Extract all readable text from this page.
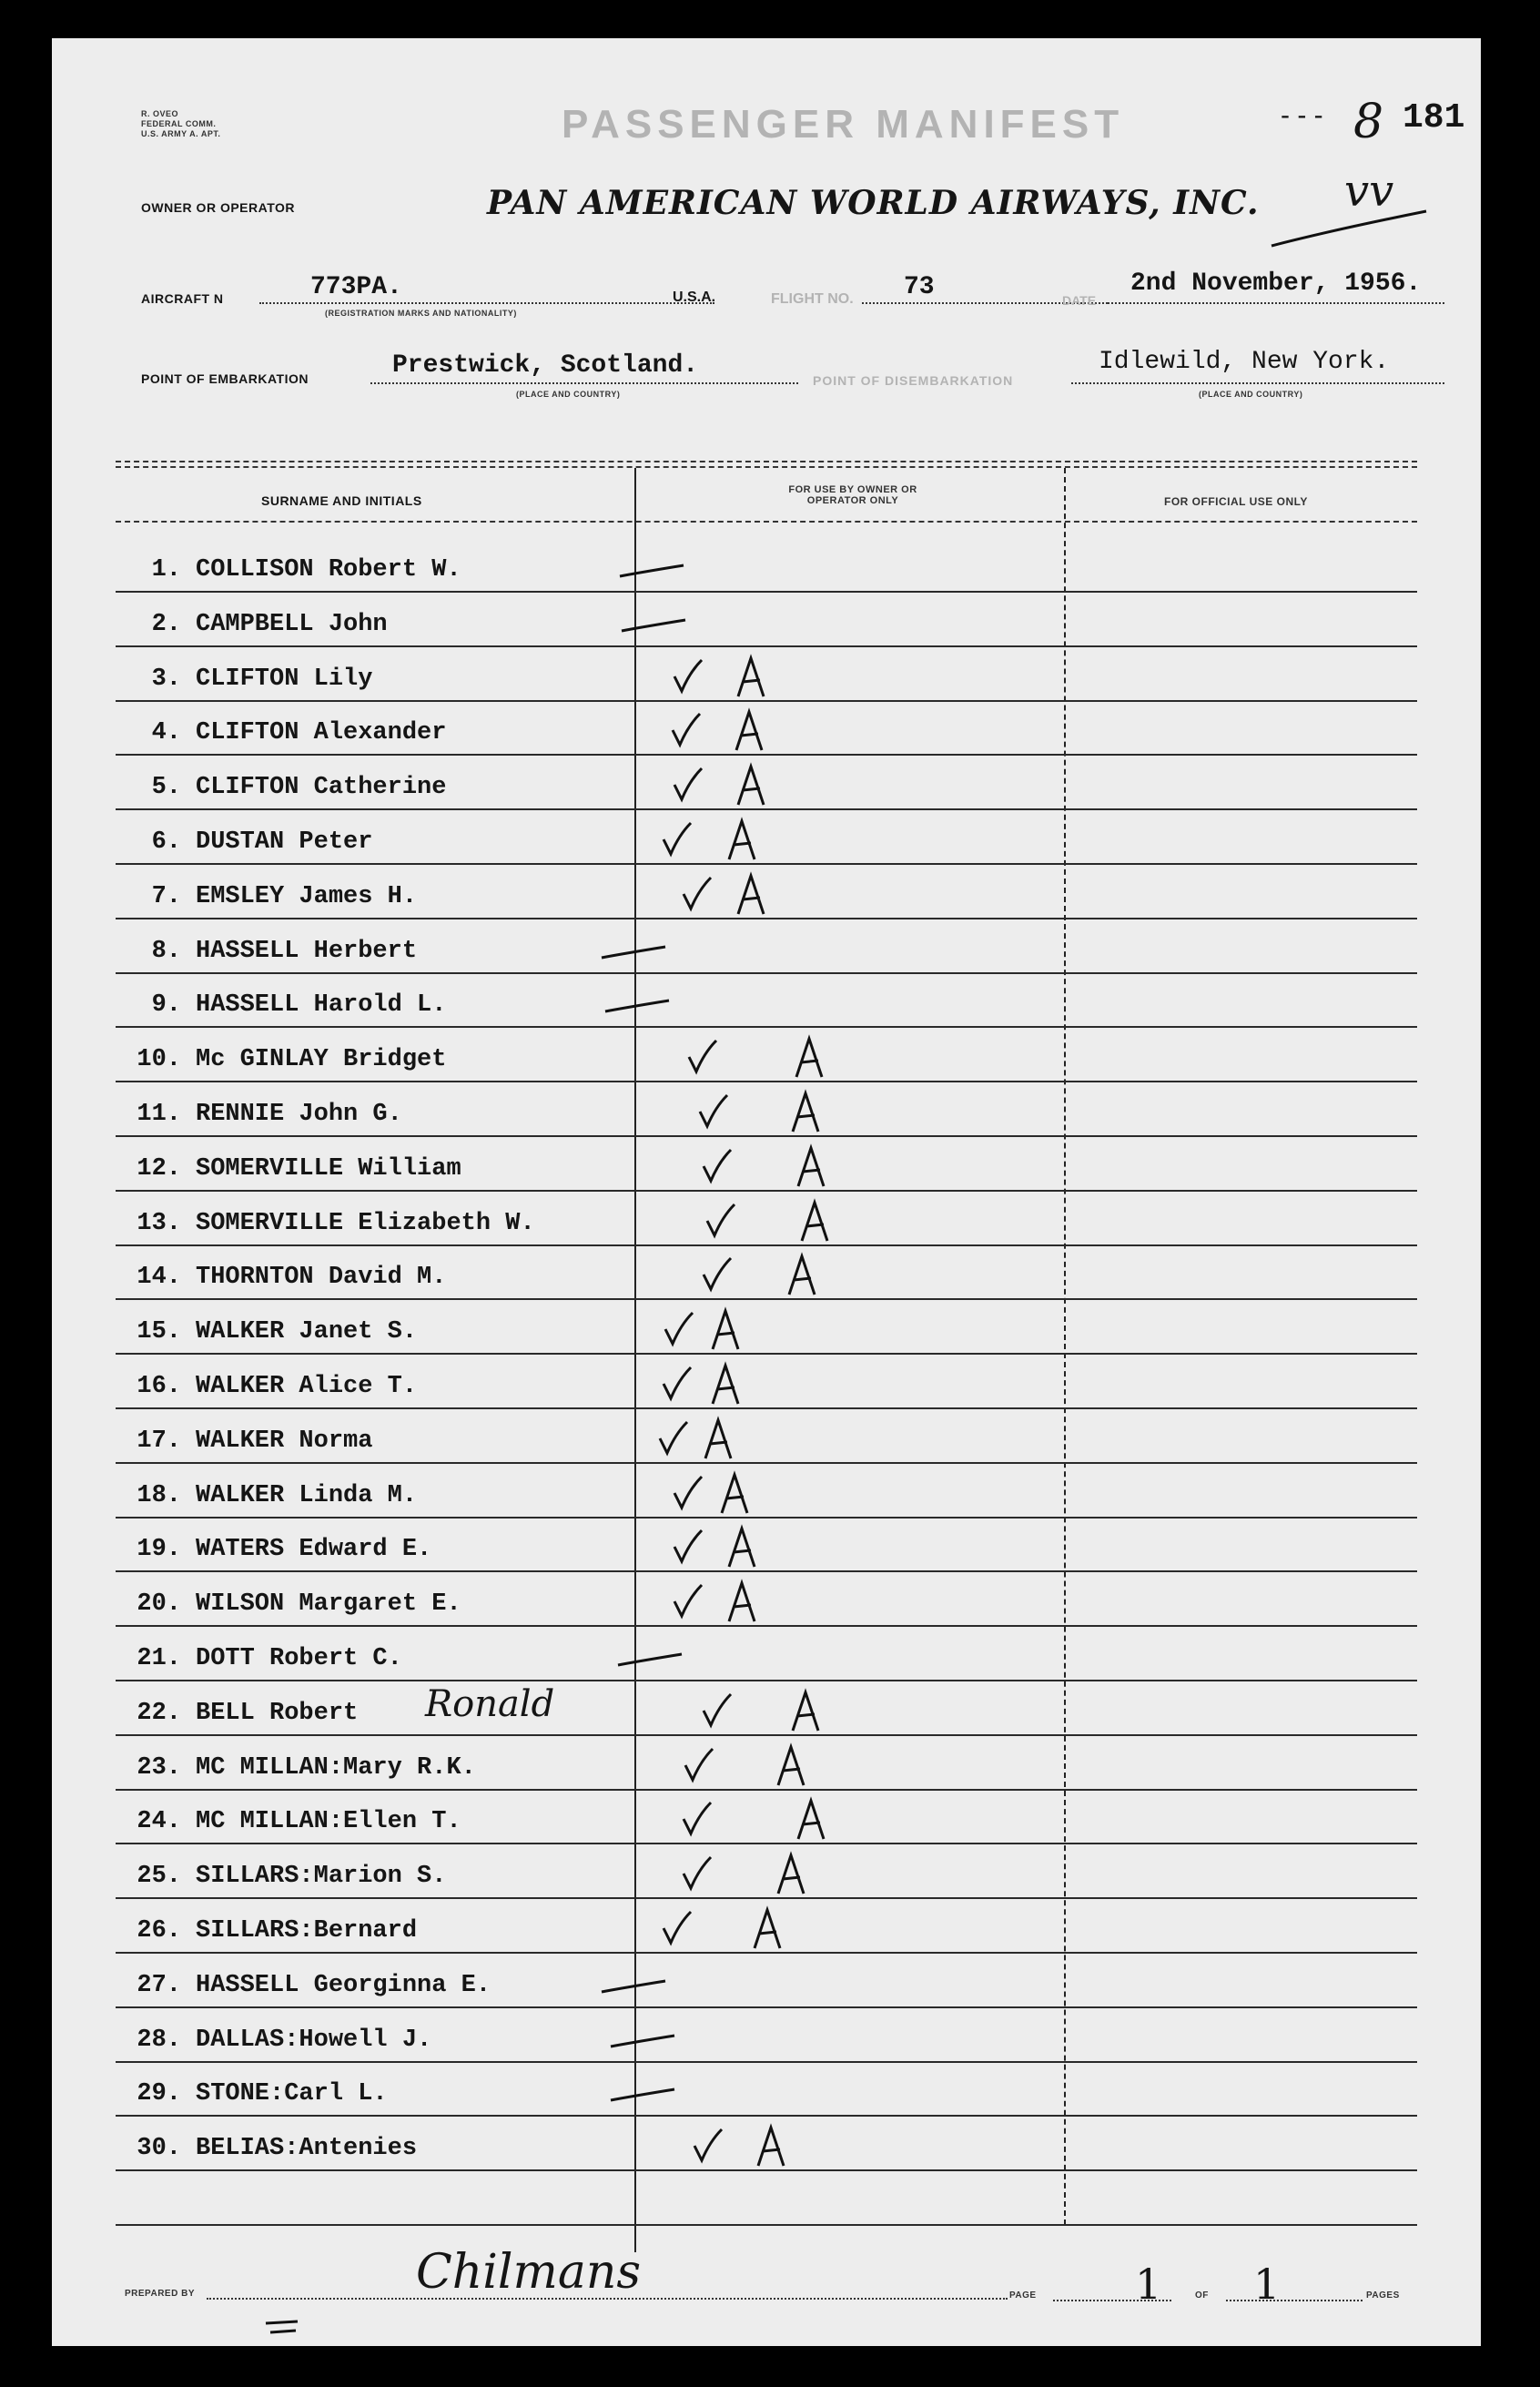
R. OVEO
FEDERAL COMM.
U.S. ARMY A. APT.	PASSENGER MANIFEST	- - - 8 181
vv
OWNER OR OPERATOR	PAN AMERICAN WORLD AIRWAYS, INC.
AIRCRAFT N	773PA.
(REGISTRATION MARKS AND NATIONALITY)
U.S.A.	FLIGHT NO. 73	DATE
2nd November, 1956.
POINT OF EMBARKATION	Prestwick, Scotland.
(PLACE AND COUNTRY)
POINT OF DISEMBARKATION
Idlewild, New York.
(PLACE AND COUNTRY)
SURNAME AND INITIALS
FOR USE BY OWNER OR OPERATOR ONLY	FOR OFFICIAL USE ONLY
1. COLLISON Robert W.
2. CAMPBELL John
3. CLIFTON Lily
4. CLIFTON Alexander
5. CLIFTON Catherine
6. DUSTAN Peter
7. EMSLEY James H.
8. HASSELL Herbert
9. HASSELL Harold L.
10. Mc GINLAY Bridget
11. RENNIE John G.
12. SOMERVILLE William
13. SOMERVILLE Elizabeth W.
14. THORNTON David M.
15. WALKER Janet S.
16. WALKER Alice T.
17. WALKER Norma
18. WALKER Linda M.
19. WATERS Edward E.
20. WILSON Margaret E.
21. DOTT Robert C.
22. BELL Robert Ronald
23. MC MILLAN:Mary R.K.
24. MC MILLAN:Ellen T.
25. SILLARS:Marion S.
26. SILLARS:Bernard
27. HASSELL Georginna E.
28. DALLAS:Howell J.
29. STONE:Carl L.
30. BELIAS:Antenies
PREPARED BY	Chilmans	PAGE 1	OF 1	PAGES
